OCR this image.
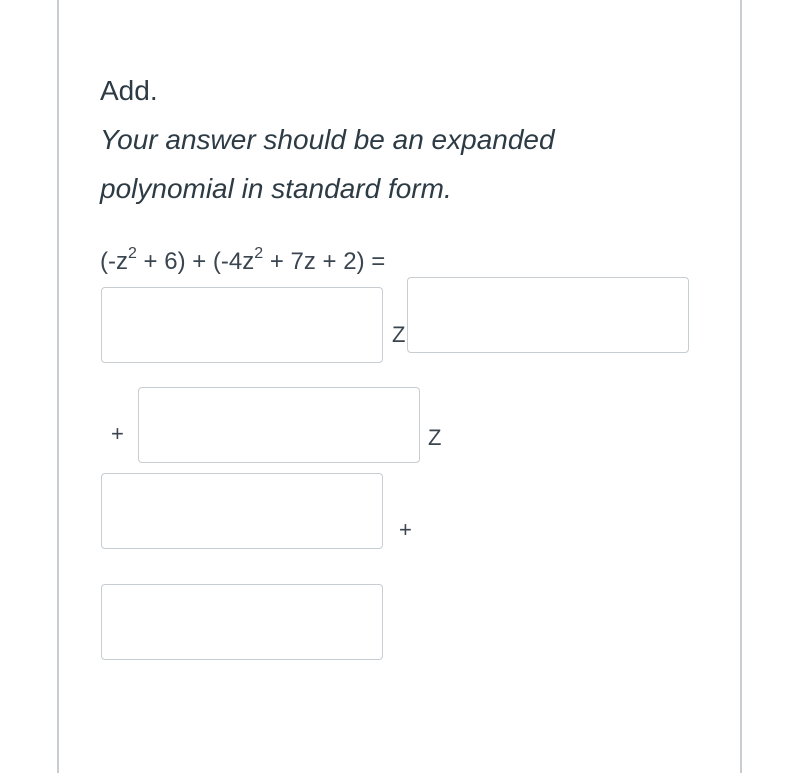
Add.
Your answer should be an expanded
polynomial in standard form.
$(-z^2 + 6) + (-4z^2 + 7z + 2)$ =
Z
+	Z
+
